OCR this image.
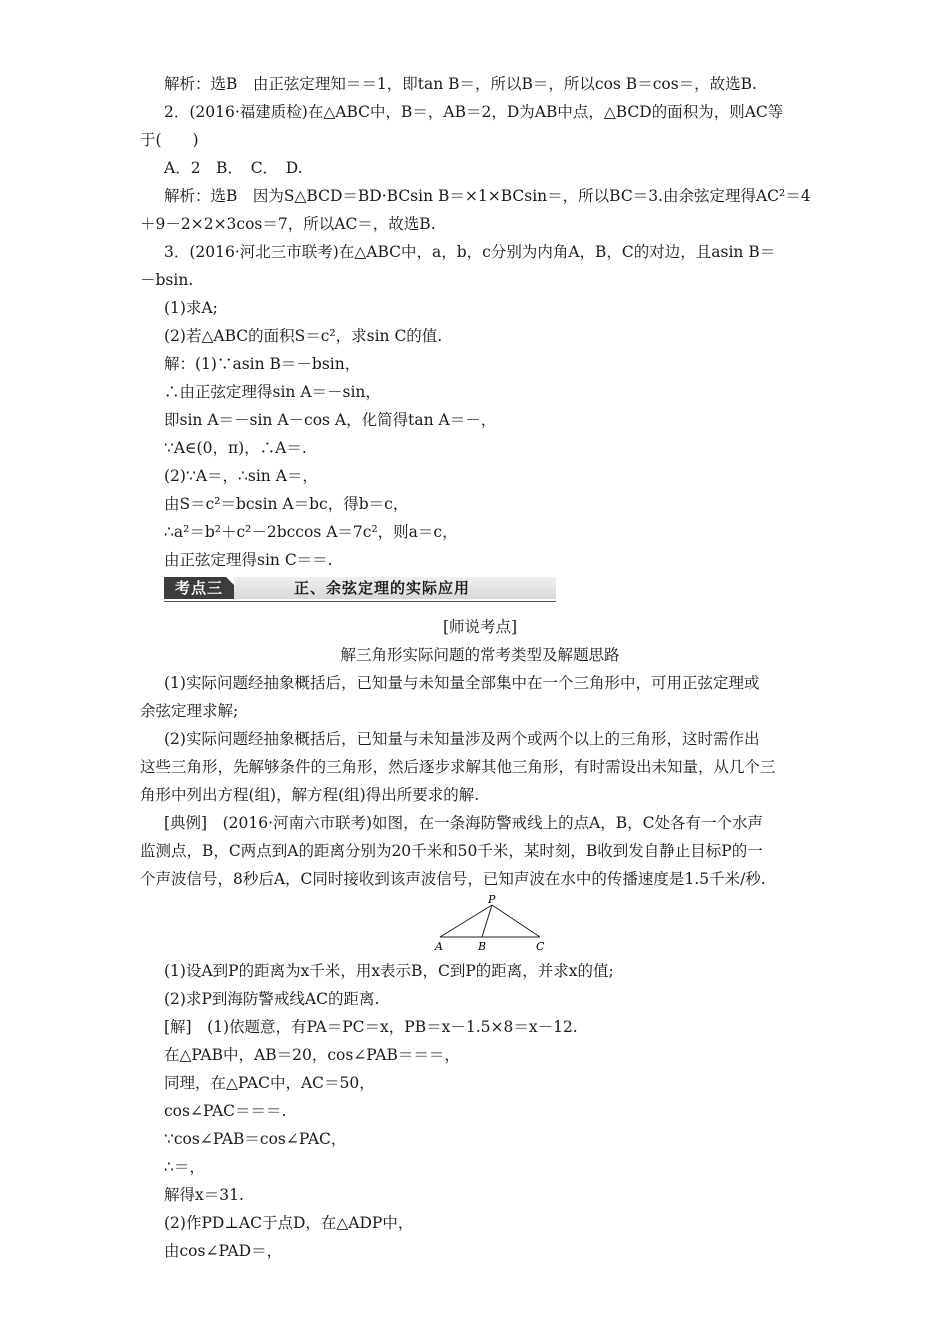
解析：选B　由正弦定理知＝＝1，即tan B＝，所以B＝，所以cos B＝cos＝，故选B.
2．(2016·福建质检)在△ABC中，B＝，AB＝2，D为AB中点，△BCD的面积为，则AC等
于(　　)
A．2　B．　C．　D.
解析：选B　因为S△BCD＝BD·BCsin B＝×1×BCsin＝，所以BC＝3.由余弦定理得AC²＝4
＋9－2×2×3cos＝7，所以AC＝，故选B.
3．(2016·河北三市联考)在△ABC中，a，b，c分别为内角A，B，C的对边，且asin B＝
－bsin.
(1)求A;
(2)若△ABC的面积S＝c²，求sin C的值.
解：(1)∵asin B＝－bsin，
∴由正弦定理得sin A＝－sin，
即sin A＝－sin A－cos A，化简得tan A＝－，
∵A∈(0，π)，∴A＝.
(2)∵A＝，∴sin A＝，
由S＝c²＝bcsin A＝bc，得b＝c，
∴a²＝b²＋c²－2bccos A＝7c²，则a＝c，
由正弦定理得sin C＝＝.
考点三	正、余弦定理的实际应用
[师说考点]
解三角形实际问题的常考类型及解题思路
(1)实际问题经抽象概括后，已知量与未知量全部集中在一个三角形中，可用正弦定理或
余弦定理求解;
(2)实际问题经抽象概括后，已知量与未知量涉及两个或两个以上的三角形，这时需作出
这些三角形，先解够条件的三角形，然后逐步求解其他三角形，有时需设出未知量，从几个三
角形中列出方程(组)，解方程(组)得出所要求的解.
[典例]　(2016·河南六市联考)如图，在一条海防警戒线上的点A，B，C处各有一个水声
监测点，B，C两点到A的距离分别为20千米和50千米，某时刻，B收到发自静止目标P的一
个声波信号，8秒后A，C同时接收到该声波信号，已知声波在水中的传播速度是1.5千米/秒.
P
A	B	C
(1)设A到P的距离为x千米，用x表示B，C到P的距离，并求x的值;
(2)求P到海防警戒线AC的距离.
[解]　(1)依题意，有PA＝PC＝x，PB＝x－1.5×8＝x－12.
在△PAB中，AB＝20，cos∠PAB＝＝＝，
同理，在△PAC中，AC＝50，
cos∠PAC＝＝＝.
∵cos∠PAB＝cos∠PAC，
∴＝，
解得x＝31.
(2)作PD⊥AC于点D，在△ADP中，
由cos∠PAD＝，
